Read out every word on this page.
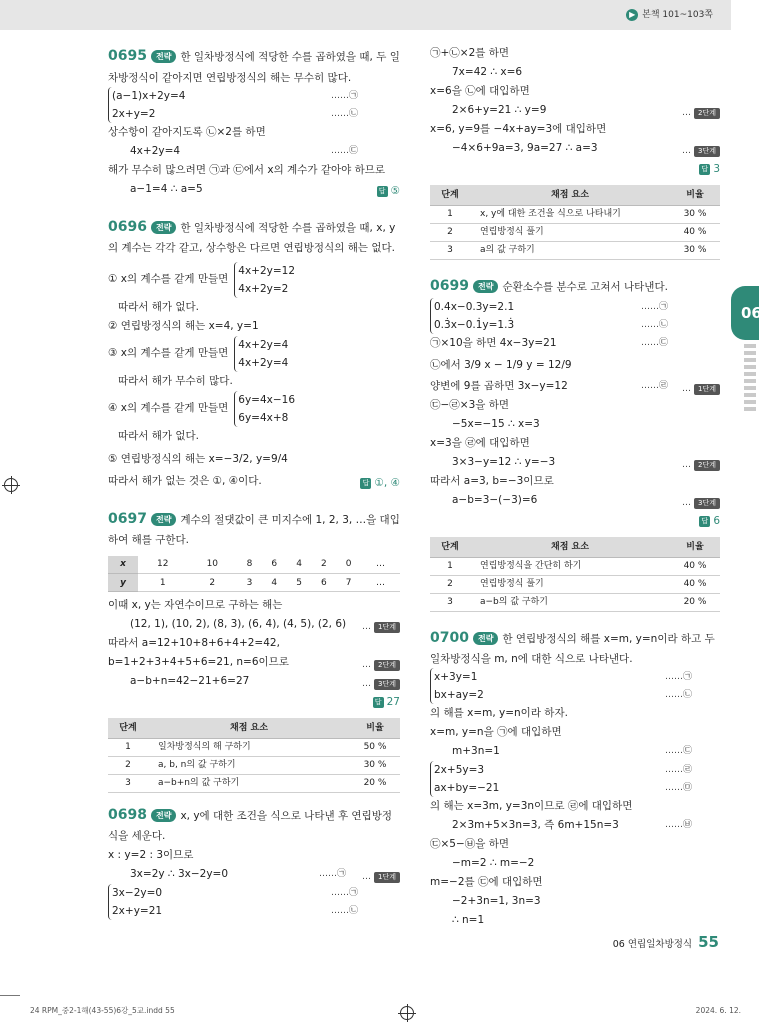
▶ 본책 101~103쪽
06
0695 전략 한 일차방정식에 적당한 수를 곱하였을 때, 두 일차방정식이 같아지면 연립방정식의 해는 무수히 많다.
(a−1)x+2y=4	……㉠
2x+y=2	……㉡
상수항이 같아지도록 ㉡×2를 하면
4x+2y=4	……㉢
해가 무수히 많으려면 ㉠과 ㉢에서 x의 계수가 같아야 하므로
a−1=4 ∴ a=5	답 ⑤
0696 전략 한 일차방정식에 적당한 수를 곱하였을 때, x, y의 계수는 각각 같고, 상수항은 다르면 연립방정식의 해는 없다.
① x의 계수를 같게 만들면
4x+2y=12
4x+2y=2
따라서 해가 없다.
② 연립방정식의 해는 x=4, y=1
③ x의 계수를 같게 만들면
4x+2y=4
4x+2y=4
따라서 해가 무수히 많다.
④ x의 계수를 같게 만들면
6y=4x−16
6y=4x+8
따라서 해가 없다.
⑤ 연립방정식의 해는 x=−3/2, y=9/4
따라서 해가 없는 것은 ①, ④이다.	답 ①, ④
0697 전략 계수의 절댓값이 큰 미지수에 1, 2, 3, …을 대입하여 해를 구한다.
x	12	10	8	6	4	2	0	…
y	1	2	3	4	5	6	7	…
이때 x, y는 자연수이므로 구하는 해는
(12, 1), (10, 2), (8, 3), (6, 4), (4, 5), (2, 6) …	1단계
따라서 a=12+10+8+6+4+2=42,
b=1+2+3+4+5+6=21, n=6이므로	…	2단계
a−b+n=42−21+6=27	…	3단계
답 27
단계	채점 요소	비율
1	일차방정식의 해 구하기	50 %
2	a, b, n의 값 구하기	30 %
3	a−b+n의 값 구하기	20 %
0698 전략 x, y에 대한 조건을 식으로 나타낸 후 연립방정식을 세운다.
x : y=2 : 3이므로
3x=2y ∴ 3x−2y=0	……㉠ …	1단계
3x−2y=0	……㉠
2x+y=21	……㉡
㉠+㉡×2를 하면
7x=42 ∴ x=6
x=6을 ㉡에 대입하면
2×6+y=21 ∴ y=9	…	2단계
x=6, y=9를 −4x+ay=3에 대입하면
−4×6+9a=3, 9a=27 ∴ a=3	…	3단계
답 3
단계	채점 요소	비율
1	x, y에 대한 조건을 식으로 나타내기	30 %
2	연립방정식 풀기	40 %
3	a의 값 구하기	30 %
0699 전략 순환소수를 분수로 고쳐서 나타낸다.
0.4x−0.3y=2.1	……㉠
0.3̇x−0.1̇y=1.3̇	……㉡
㉠×10을 하면 4x−3y=21	……㉢
㉡에서 3/9 x − 1/9 y = 12/9
양변에 9를 곱하면 3x−y=12	……㉣ …	1단계
㉢−㉣×3을 하면
−5x=−15 ∴ x=3
x=3을 ㉣에 대입하면
3×3−y=12 ∴ y=−3	…	2단계
따라서 a=3, b=−3이므로
a−b=3−(−3)=6	…	3단계
답 6
단계	채점 요소	비율
1	연립방정식을 간단히 하기	40 %
2	연립방정식 풀기	40 %
3	a−b의 값 구하기	20 %
0700 전략 한 연립방정식의 해를 x=m, y=n이라 하고 두 일차방정식을 m, n에 대한 식으로 나타낸다.
x+3y=1	……㉠
bx+ay=2	……㉡
의 해를 x=m, y=n이라 하자.
x=m, y=n을 ㉠에 대입하면
m+3n=1	……㉢
2x+5y=3	……㉣
ax+by=−21	……㉤
의 해는 x=3m, y=3n이므로 ㉣에 대입하면
2×3m+5×3n=3, 즉 6m+15n=3	……㉥
㉢×5−㉥을 하면
−m=2 ∴ m=−2
m=−2를 ㉢에 대입하면
−2+3n=1, 3n=3
∴ n=1
06 연립일차방정식 55
24 RPM_중2-1해(43-55)6강_5교.indd 55	2024. 6. 12.
